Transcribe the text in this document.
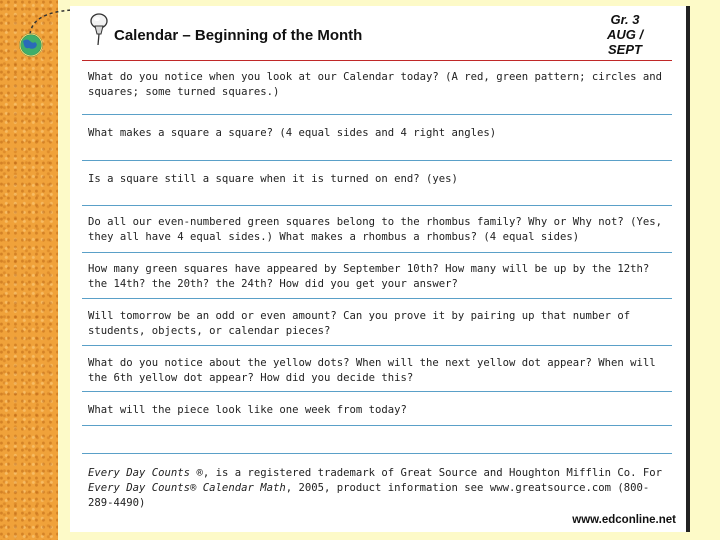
Calendar – Beginning of the Month
Gr. 3
AUG / SEPT
What do you notice when you look at our Calendar today? (A red, green pattern; circles and squares; some turned squares.)
What makes a square a square? (4 equal sides and 4 right angles)
Is a square still a square when it is turned on end? (yes)
Do all our even-numbered green squares belong to the rhombus family? Why or Why not? (Yes, they all have 4 equal sides.) What makes a rhombus a rhombus? (4 equal sides)
How many green squares have appeared by September 10th? How many will be up by the 12th? the 14th? the 20th? the 24th? How did you get your answer?
Will tomorrow be an odd or even amount? Can you prove it by pairing up that number of students, objects, or calendar pieces?
What do you notice about the yellow dots? When will the next yellow dot appear? When will the 6th yellow dot appear? How did you decide this?
What will the piece look like one week from today?
Every Day Counts ®, is a registered trademark of Great Source and Houghton Mifflin Co. For Every Day Counts® Calendar Math, 2005, product information see www.greatsource.com (800-289-4490)
www.edconline.net
